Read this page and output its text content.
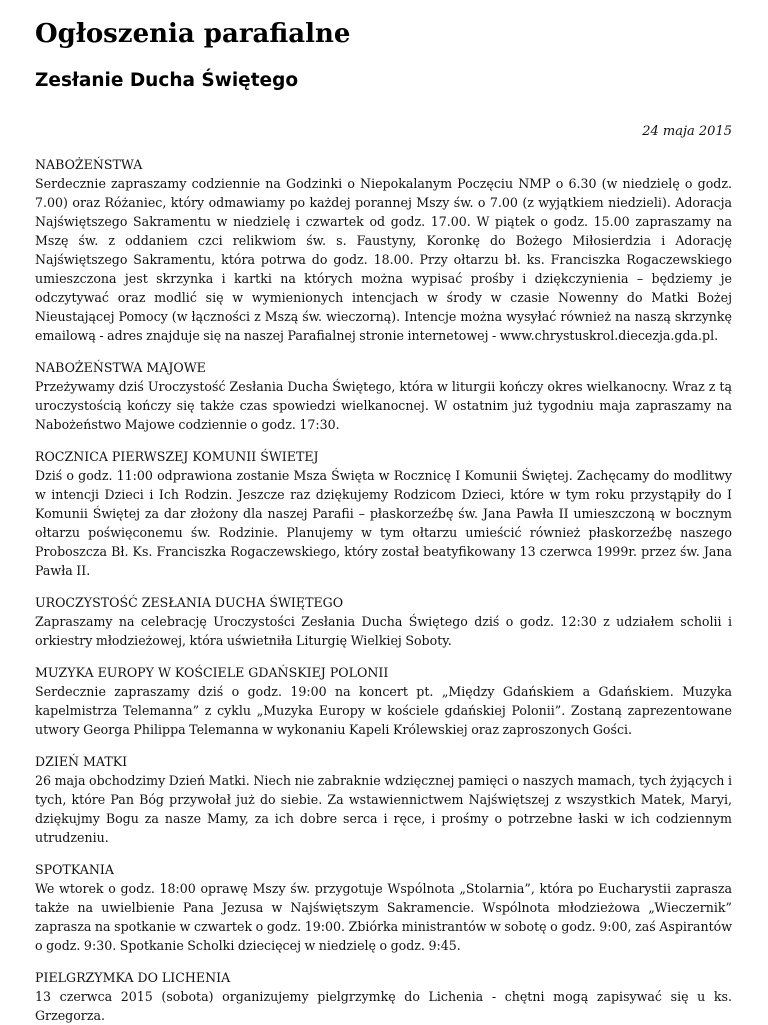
Ogłoszenia parafialne
Zesłanie Ducha Świętego
24 maja 2015

NABOŻEŃSTWA

Serdecznie zapraszamy codziennie na Godzinki o Niepokalanym Poczęciu NMP o 6.30 (w niedzielę o godz. 7.00) oraz Różaniec, który odmawiamy po każdej porannej Mszy św. o 7.00 (z wyjątkiem niedzieli). Adoracja Najświętszego Sakramentu w niedzielę i czwartek od godz. 17.00. W piątek o godz. 15.00 zapraszamy na Mszę św. z oddaniem czci relikwiom św. s. Faustyny, Koronkę do Bożego Miłosierdzia i Adorację Najświętszego Sakramentu, która potrwa do godz. 18.00. Przy ołtarzu bł. ks. Franciszka Rogaczewskiego umieszczona jest skrzynka i kartki na których można wypisać prośby i dziękczynienia – będziemy je odczytywać oraz modlić się w wymienionych intencjach w środy w czasie Nowenny do Matki Bożej Nieustającej Pomocy (w łączności z Mszą św. wieczorną). Intencje można wysyłać również na naszą skrzynkę emailową - adres znajduje się na naszej Parafialnej stronie internetowej - www.chrystuskrol.diecezja.gda.pl.

NABOŻEŃSTWA MAJOWE

Przeżywamy dziś Uroczystość Zesłania Ducha Świętego, która w liturgii kończy okres wielkanocny. Wraz z tą uroczystością kończy się także czas spowiedzi wielkanocnej. W ostatnim już tygodniu maja zapraszamy na Nabożeństwo Majowe codziennie o godz. 17:30.

ROCZNICA PIERWSZEJ KOMUNII ŚWIETEJ

Dziś o godz. 11:00 odprawiona zostanie Msza Święta w Rocznicę I Komunii Świętej. Zachęcamy do modlitwy w intencji Dzieci i Ich Rodzin. Jeszcze raz dziękujemy Rodzicom Dzieci, które w tym roku przystąpiły do I Komunii Świętej za dar złożony dla naszej Parafii – płaskorzeźbę św. Jana Pawła II umieszczoną w bocznym ołtarzu poświęconemu św. Rodzinie. Planujemy w tym ołtarzu umieścić również płaskorzeźbę naszego Proboszcza Bł. Ks. Franciszka Rogaczewskiego, który został beatyfikowany 13 czerwca 1999r. przez św. Jana Pawła II.

UROCZYSTOŚĆ ZESŁANIA DUCHA ŚWIĘTEGO

Zapraszamy na celebrację Uroczystości Zesłania Ducha Świętego dziś o godz. 12:30 z udziałem scholii i orkiestry młodzieżowej, która uświetniła Liturgię Wielkiej Soboty.

MUZYKA EUROPY W KOŚCIELE GDAŃSKIEJ POLONII

Serdecznie zapraszamy dziś o godz. 19:00 na koncert pt. „Między Gdańskiem a Gdańskiem. Muzyka kapelmistrza Telemanna” z cyklu „Muzyka Europy w kościele gdańskiej Polonii”. Zostaną zaprezentowane utwory Georga Philippa Telemanna w wykonaniu Kapeli Królewskiej oraz zaproszonych Gości.

DZIEŃ MATKI

26 maja obchodzimy Dzień Matki. Niech nie zabraknie wdzięcznej pamięci o naszych mamach, tych żyjących i tych, które Pan Bóg przywołał już do siebie. Za wstawiennictwem Najświętszej z wszystkich Matek, Maryi, dziękujmy Bogu za nasze Mamy, za ich dobre serca i ręce, i prośmy o potrzebne łaski w ich codziennym utrudzeniu.

SPOTKANIA

We wtorek o godz. 18:00 oprawę Mszy św. przygotuje Wspólnota „Stolarnia”, która po Eucharystii zaprasza także na uwielbienie Pana Jezusa w Najświętszym Sakramencie. Wspólnota młodzieżowa „Wieczernik” zaprasza na spotkanie w czwartek o godz. 19:00. Zbiórka ministrantów w sobotę o godz. 9:00, zaś Aspirantów o godz. 9:30. Spotkanie Scholki dziecięcej w niedzielę o godz. 9:45.

PIELGRZYMKA DO LICHENIA

13 czerwca 2015 (sobota) organizujemy pielgrzymkę do Lichenia - chętni mogą zapisywać się u ks. Grzegorza.
